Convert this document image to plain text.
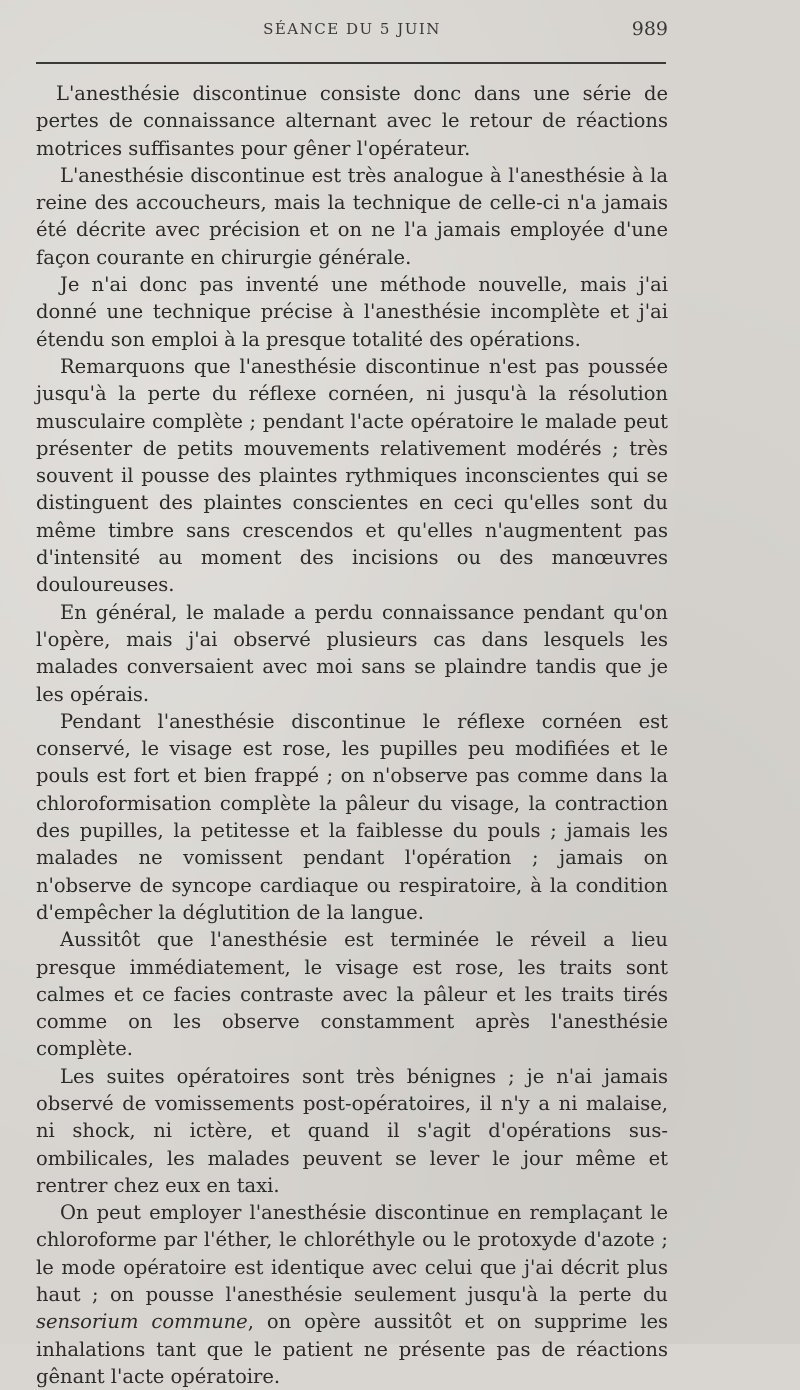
SÉANCE DU 5 JUIN	989

L'anesthésie discontinue consiste donc dans une série de pertes de connaissance alternant avec le retour de réactions motrices suffisantes pour gêner l'opérateur.

L'anesthésie discontinue est très analogue à l'anesthésie à la reine des accoucheurs, mais la technique de celle-ci n'a jamais été décrite avec précision et on ne l'a jamais employée d'une façon courante en chirurgie générale.

Je n'ai donc pas inventé une méthode nouvelle, mais j'ai donné une technique précise à l'anesthésie incomplète et j'ai étendu son emploi à la presque totalité des opérations.

Remarquons que l'anesthésie discontinue n'est pas poussée jusqu'à la perte du réflexe cornéen, ni jusqu'à la résolution musculaire complète ; pendant l'acte opératoire le malade peut présenter de petits mouvements relativement modérés ; très souvent il pousse des plaintes rythmiques inconscientes qui se distinguent des plaintes conscientes en ceci qu'elles sont du même timbre sans crescendos et qu'elles n'augmentent pas d'intensité au moment des incisions ou des manœuvres douloureuses.

En général, le malade a perdu connaissance pendant qu'on l'opère, mais j'ai observé plusieurs cas dans lesquels les malades conversaient avec moi sans se plaindre tandis que je les opérais.

Pendant l'anesthésie discontinue le réflexe cornéen est conservé, le visage est rose, les pupilles peu modifiées et le pouls est fort et bien frappé ; on n'observe pas comme dans la chloroformisation complète la pâleur du visage, la contraction des pupilles, la petitesse et la faiblesse du pouls ; jamais les malades ne vomissent pendant l'opération ; jamais on n'observe de syncope cardiaque ou respiratoire, à la condition d'empêcher la déglutition de la langue.

Aussitôt que l'anesthésie est terminée le réveil a lieu presque immédiatement, le visage est rose, les traits sont calmes et ce facies contraste avec la pâleur et les traits tirés comme on les observe constamment après l'anesthésie complète.

Les suites opératoires sont très bénignes ; je n'ai jamais observé de vomissements post-opératoires, il n'y a ni malaise, ni shock, ni ictère, et quand il s'agit d'opérations sus-ombilicales, les malades peuvent se lever le jour même et rentrer chez eux en taxi.

On peut employer l'anesthésie discontinue en remplaçant le chloroforme par l'éther, le chloréthyle ou le protoxyde d'azote ; le mode opératoire est identique avec celui que j'ai décrit plus haut ; on pousse l'anesthésie seulement jusqu'à la perte du sensorium commune, on opère aussitôt et on supprime les inhalations tant que le patient ne présente pas de réactions gênant l'acte opératoire.
